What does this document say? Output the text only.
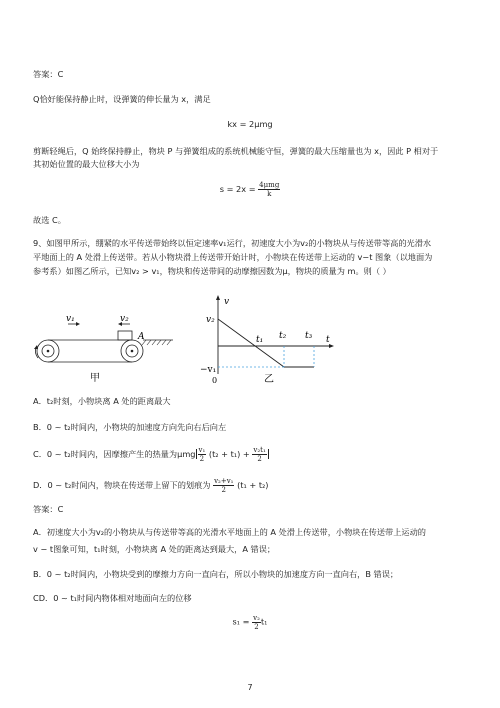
答案：C
Q恰好能保持静止时，设弹簧的伸长量为 x，满足
kx = 2μmg
剪断轻绳后，Q 始终保持静止，物块 P 与弹簧组成的系统机械能守恒，弹簧的最大压缩量也为 x，因此 P 相对于
其初始位置的最大位移大小为
$s = 2x = \frac{\text{4μmg}}{k}$
故选 C。
9、如图甲所示，绷紧的水平传送带始终以恒定速率v₁运行，初速度大小为v₂的小物块从与传送带等高的光滑水
平地面上的 A 处滑上传送带。若从小物块滑上传送带开始计时，小物块在传送带上运动的 v−t 图象（以地面为
参考系）如图乙所示，已知v₂ > v₁，物块和传送带间的动摩擦因数为μ，物块的质量为 m。则（ ）
v₁	v₂
A
甲
v
t
v₂
−v₁
0
t₁ t₂ t₃
乙
A．t₂时刻，小物块离 A 处的距离最大
B．0 ~ t₂时间内，小物块的加速度方向先向右后向左
C．0 ~ t₂时间内，因摩擦产生的热量为μmg $\frac{\text{v₁}}{2} (t_2 + t_1) + \frac{\text{v₂t₁}}{2}$
D．0 ~ t₂时间内，物块在传送带上留下的划痕为 $\frac{\text{v₂+v₁}}{2} (t_1 + t_2)$
答案：C
A．初速度大小为v₂的小物块从与传送带等高的光滑水平地面上的 A 处滑上传送带，小物块在传送带上运动的
v − t图象可知，t₁时刻，小物块离 A 处的距离达到最大，A 错误；
B．0 ~ t₂时间内，小物块受到的摩擦力方向一直向右，所以小物块的加速度方向一直向右，B 错误；
CD．0 ~ t₁时间内物体相对地面向左的位移
$s_1 = \frac{\text{v₂}}{2} t_1$
7
